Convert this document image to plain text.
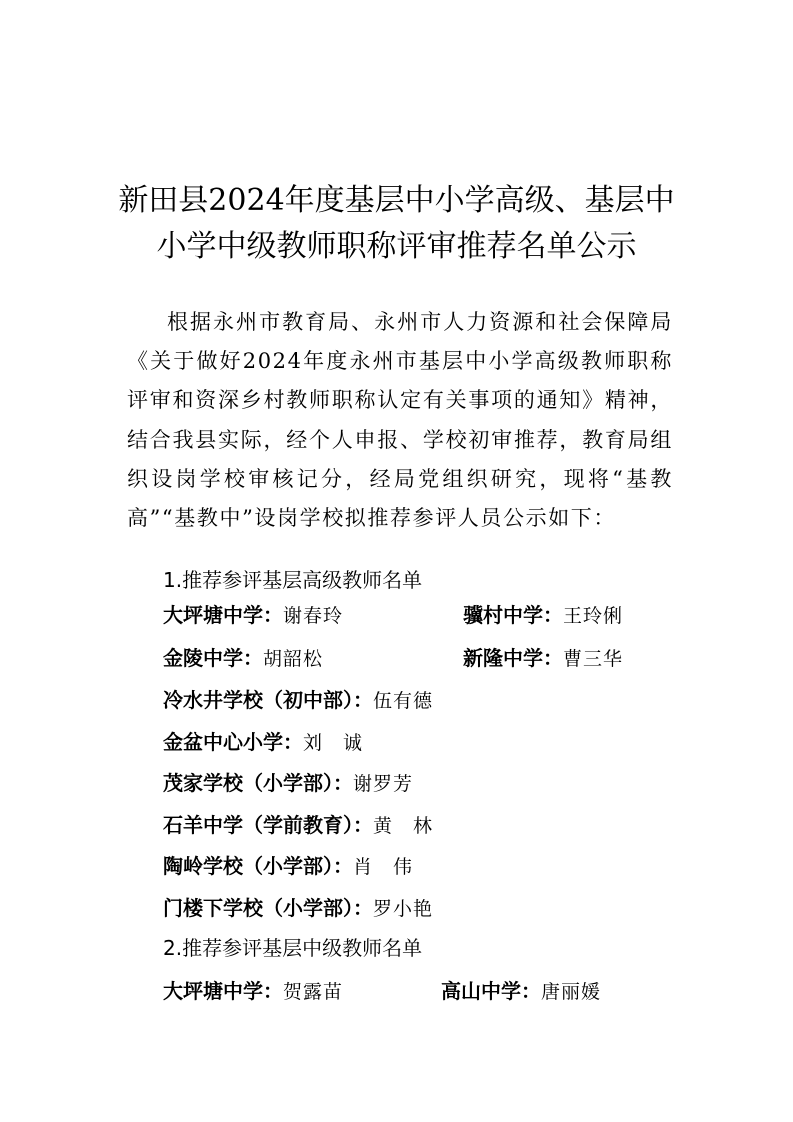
新田县2024年度基层中小学高级、基层中
小学中级教师职称评审推荐名单公示
根据永州市教育局、永州市人力资源和社会保障局《关于做好2024年度永州市基层中小学高级教师职称评审和资深乡村教师职称认定有关事项的通知》精神，结合我县实际，经个人申报、学校初审推荐，教育局组织设岗学校审核记分，经局党组织研究，现将“基教高”“基教中”设岗学校拟推荐参评人员公示如下：
1.推荐参评基层高级教师名单
大坪塘中学：谢春玲	骥村中学：王玲俐
金陵中学：胡韶松	新隆中学：曹三华
冷水井学校（初中部）：伍有德
金盆中心小学：刘　诚
茂家学校（小学部）：谢罗芳
石羊中学（学前教育）：黄　林
陶岭学校（小学部）：肖　伟
门楼下学校（小学部）：罗小艳
2.推荐参评基层中级教师名单
大坪塘中学：贺露苗	高山中学：唐丽媛
